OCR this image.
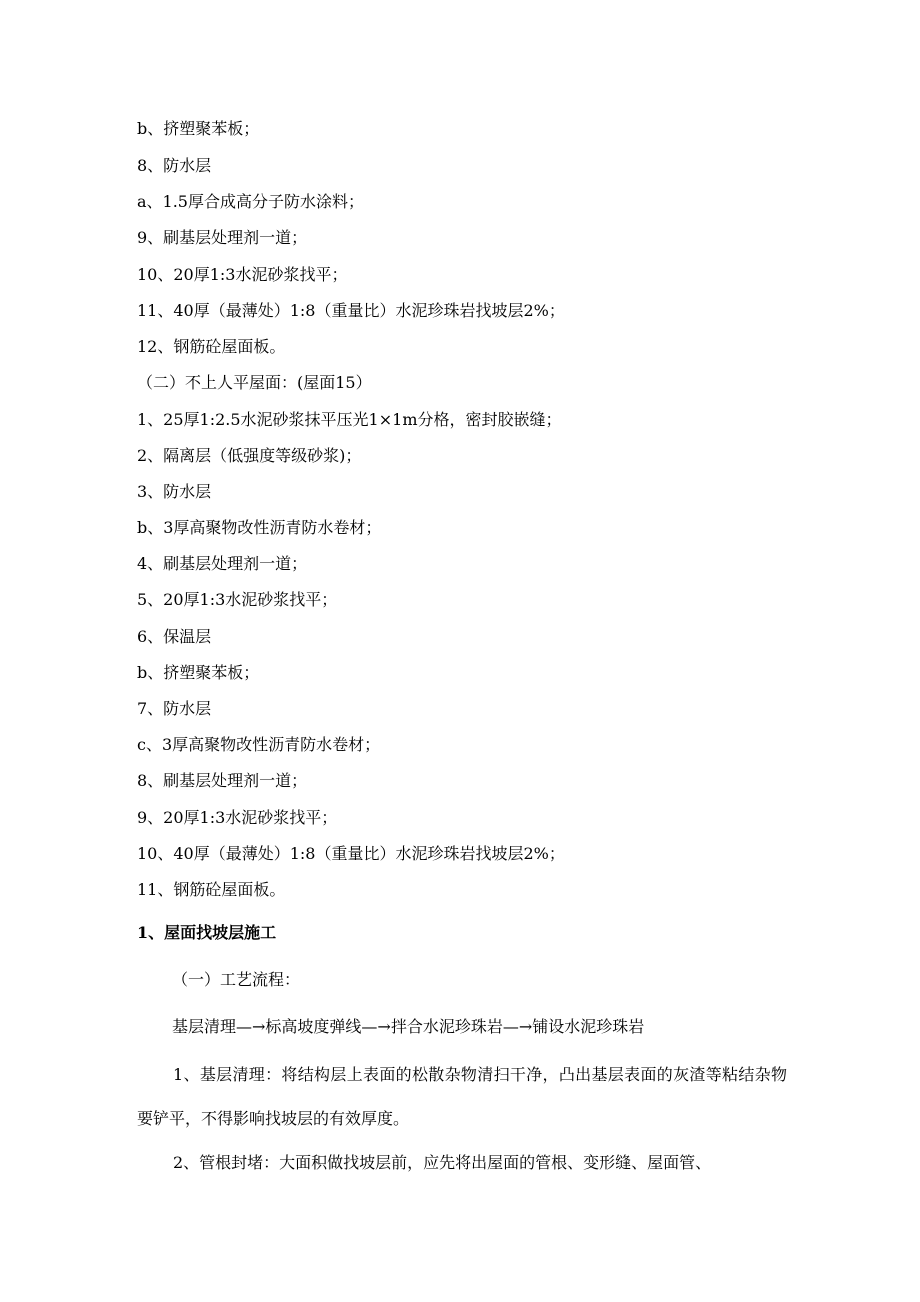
b、挤塑聚苯板；
8、防水层
a、1.5厚合成高分子防水涂料；
9、刷基层处理剂一道；
10、20厚1:3水泥砂浆找平；
11、40厚（最薄处）1:8（重量比）水泥珍珠岩找坡层2%；
12、钢筋砼屋面板。
（二）不上人平屋面：(屋面15）
1、25厚1:2.5水泥砂浆抹平压光1×1m分格，密封胶嵌缝；
2、隔离层（低强度等级砂浆)；
3、防水层
b、3厚高聚物改性沥青防水卷材；
4、刷基层处理剂一道；
5、20厚1:3水泥砂浆找平；
6、保温层
b、挤塑聚苯板；
7、防水层
c、3厚高聚物改性沥青防水卷材；
8、刷基层处理剂一道；
9、20厚1:3水泥砂浆找平；
10、40厚（最薄处）1:8（重量比）水泥珍珠岩找坡层2%；
11、钢筋砼屋面板。
1、屋面找坡层施工
（一）工艺流程：
基层清理—→标高坡度弹线—→拌合水泥珍珠岩—→铺设水泥珍珠岩
1、基层清理：将结构层上表面的松散杂物清扫干净，凸出基层表面的灰渣等粘结杂物要铲平，不得影响找坡层的有效厚度。
2、管根封堵：大面积做找坡层前，应先将出屋面的管根、变形缝、屋面管、
